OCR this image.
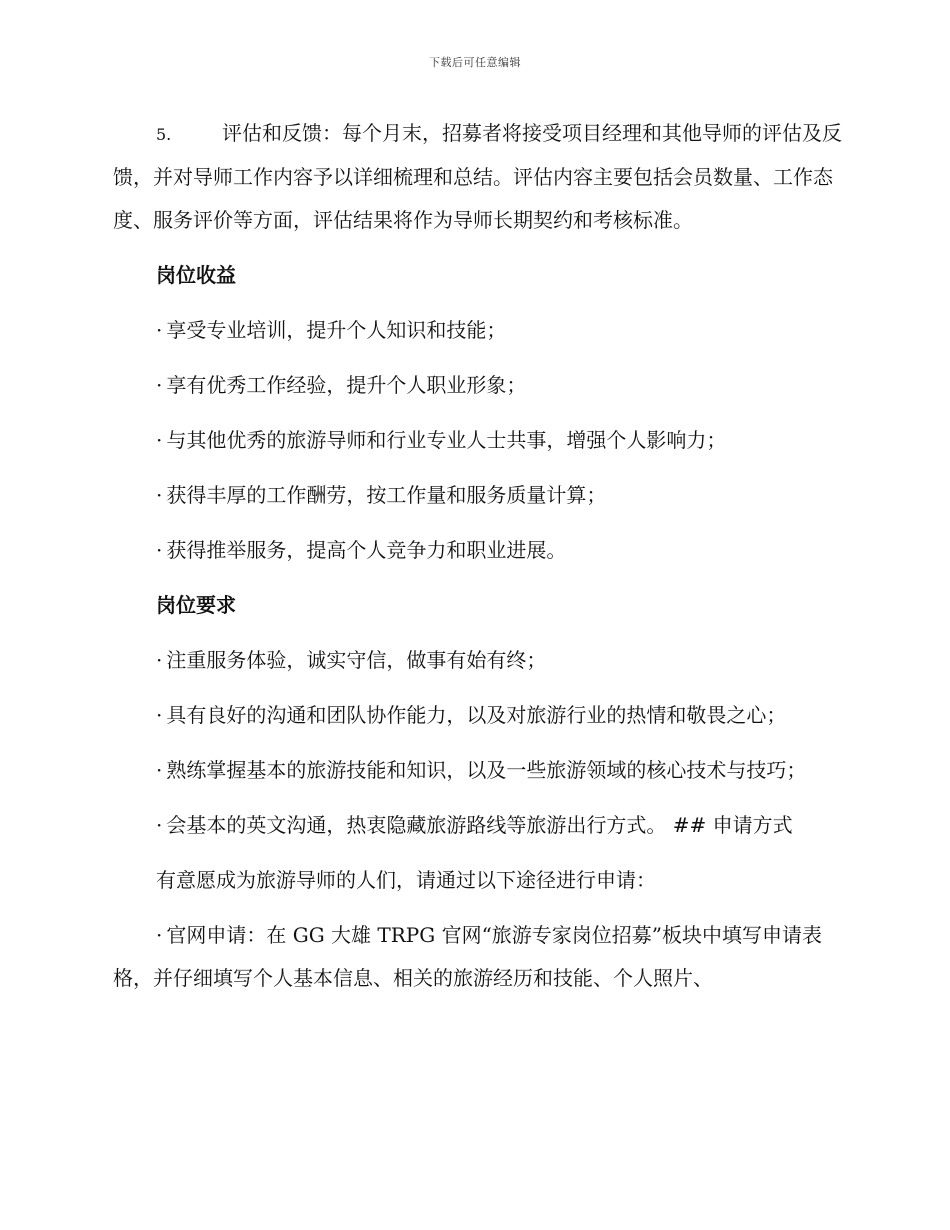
下载后可任意编辑

5.	评估和反馈：每个月末，招募者将接受项目经理和其他导师的评估及反馈，并对导师工作内容予以详细梳理和总结。评估内容主要包括会员数量、工作态度、服务评价等方面，评估结果将作为导师长期契约和考核标准。

岗位收益

· 享受专业培训，提升个人知识和技能；

· 享有优秀工作经验，提升个人职业形象；

· 与其他优秀的旅游导师和行业专业人士共事，增强个人影响力；

· 获得丰厚的工作酬劳，按工作量和服务质量计算；

· 获得推举服务，提高个人竞争力和职业进展。

岗位要求

· 注重服务体验，诚实守信，做事有始有终；

· 具有良好的沟通和团队协作能力，以及对旅游行业的热情和敬畏之心；

· 熟练掌握基本的旅游技能和知识，以及一些旅游领域的核心技术与技巧；

· 会基本的英文沟通，热衷隐藏旅游路线等旅游出行方式。 ## 申请方式

有意愿成为旅游导师的人们，请通过以下途径进行申请：

· 官网申请：在 GG 大雄 TRPG 官网“旅游专家岗位招募”板块中填写申请表格，并仔细填写个人基本信息、相关的旅游经历和技能、个人照片、
